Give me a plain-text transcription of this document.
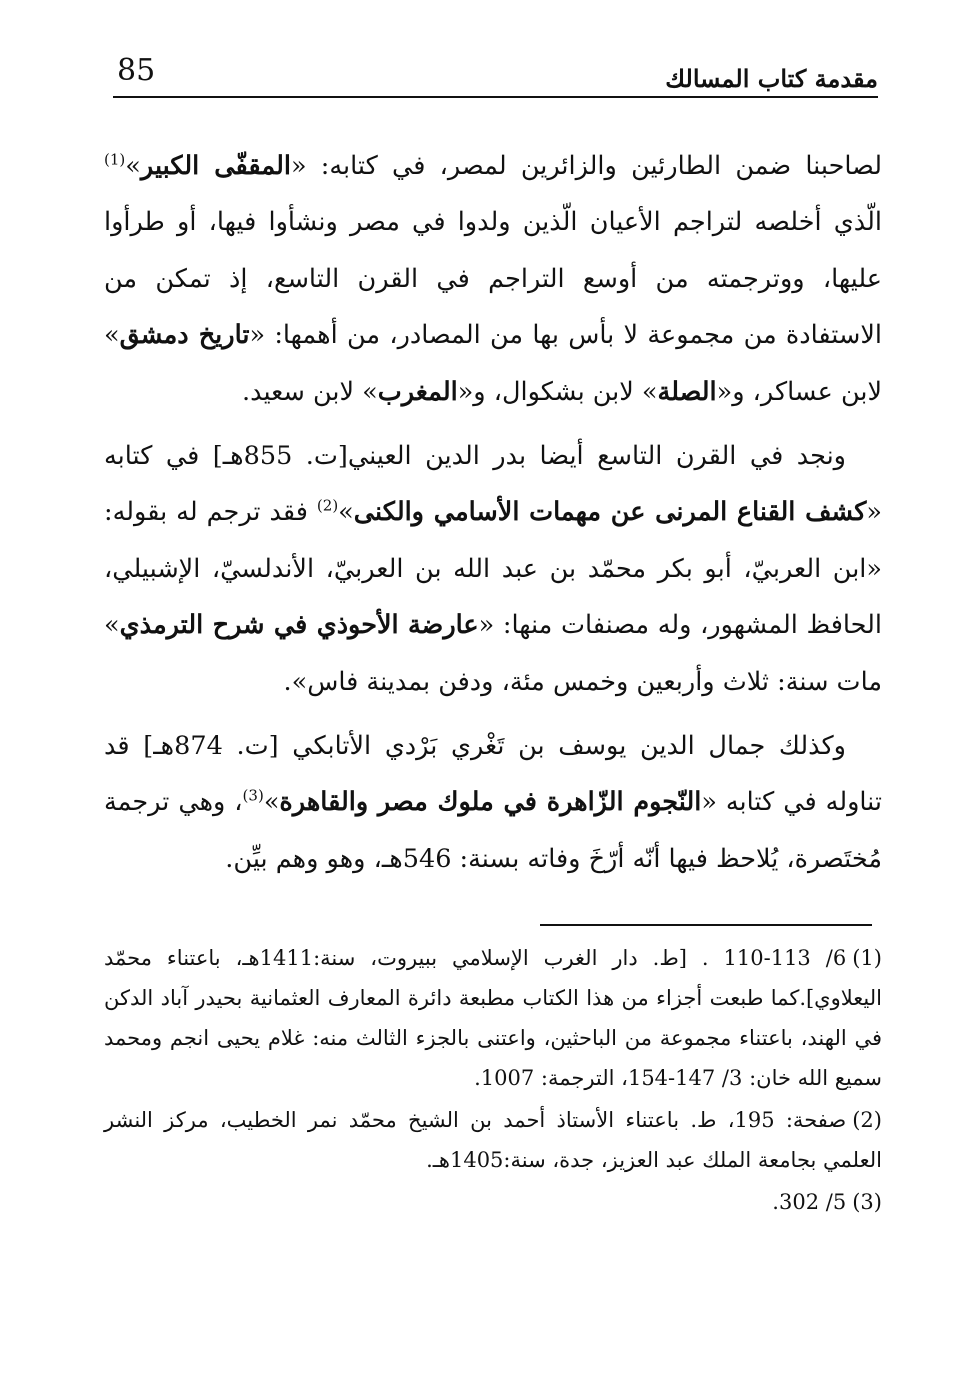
85	مقدمة كتاب المسالك

لصاحبنا ضمن الطارئين والزائرين لمصر، في كتابه: «المقفّى الكبير»$^{(1)}$ الّذي أخلصه لتراجم الأعيان الّذين ولدوا في مصر ونشأوا فيها، أو طرأوا عليها، ووترجمته من أوسع التراجم في القرن التاسع، إذ تمكن من الاستفادة من مجموعة لا بأس بها من المصادر، من أهمها: «تاريخ دمشق» لابن عساكر، و«الصلة» لابن بشكوال، و«المغرب» لابن سعيد.

ونجد في القرن التاسع أيضا بدر الدين العيني[ت. 855هـ] في كتابه «كشف القناع المرنى عن مهمات الأسامي والكنى»$^{(2)}$ فقد ترجم له بقوله: «ابن العربيّ، أبو بكر محمّد بن عبد الله بن العربيّ، الأندلسيّ، الإشبيلي، الحافظ المشهور، وله مصنفات منها: «عارضة الأحوذي في شرح الترمذي» مات سنة: ثلاث وأربعين وخمس مئة، ودفن بمدينة فاس».

وكذلك جمال الدين يوسف بن تَغْري بَرْدي الأتابكي [ت. 874هـ] قد تناوله في كتابه «النّجوم الزّاهرة في ملوك مصر والقاهرة»$^{(3)}$، وهي ترجمة مُختَصرة، يُلاحظ فيها أنّه أرّخَ وفاته بسنة: 546هـ، وهو وهم بيِّن.

(1)6/ 110-113 . [ط. دار الغرب الإسلامي ببيروت، سنة:1411هـ، باعتناء محمّد اليعلاوي].كما طبعت أجزاء من هذا الكتاب مطبعة دائرة المعارف العثمانية بحيدر آباد الدكن في الهند، باعتناء مجموعة من الباحثين، واعتنى بالجزء الثالث منه: غلام يحيى انجم ومحمد سميع الله خان: 3/ 147-154، الترجمة: 1007.

(2)صفحة: 195، ط. باعتناء الأستاذ أحمد بن الشيخ محمّد نمر الخطيب، مركز النشر العلمي بجامعة الملك عبد العزيز، جدة، سنة:1405هـ.

(3)5/ 302.
